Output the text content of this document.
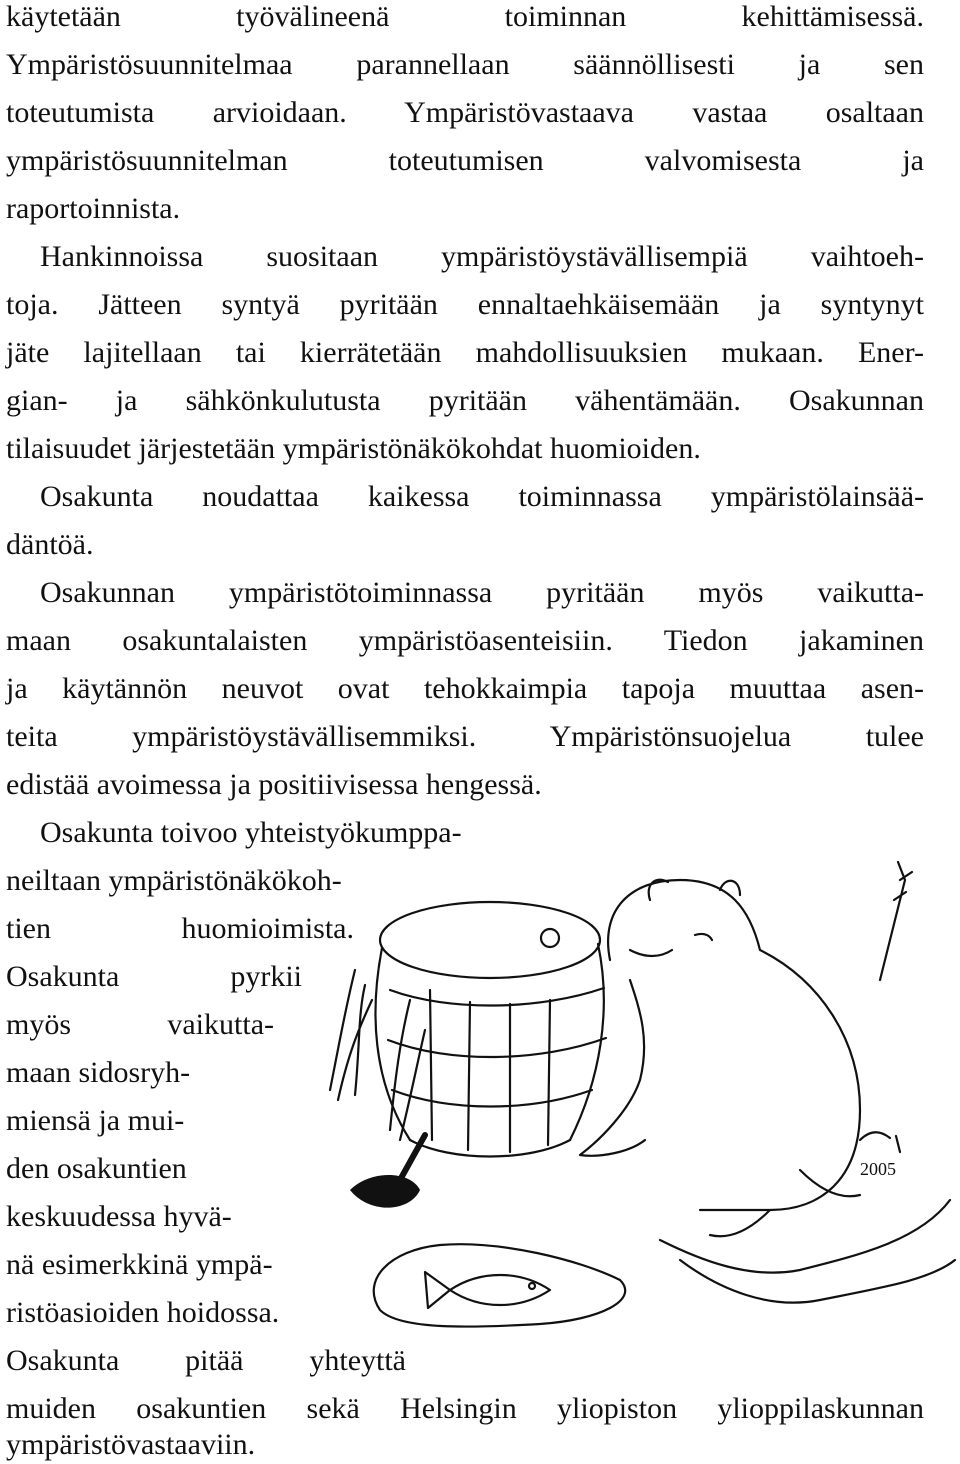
käytetään työvälineenä toiminnan kehittämisessä.
Ympäristösuunnitelmaa parannellaan säännöllisesti ja sen
toteutumista arvioidaan. Ympäristövastaava vastaa osaltaan
ympäristösuunnitelman toteutumisen valvomisesta ja
raportoinnista.
Hankinnoissa suositaan ympäristöystävällisempiä vaihtoeh-
toja. Jätteen syntyä pyritään ennaltaehkäisemään ja syntynyt
jäte lajitellaan tai kierrätetään mahdollisuuksien mukaan. Ener-
gian- ja sähkönkulutusta pyritään vähentämään. Osakunnan
tilaisuudet järjestetään ympäristönäkökohdat huomioiden.
Osakunta noudattaa kaikessa toiminnassa ympäristölainsää-
däntöä.
Osakunnan ympäristötoiminnassa pyritään myös vaikutta-
maan osakuntalaisten ympäristöasenteisiin. Tiedon jakaminen
ja käytännön neuvot ovat tehokkaimpia tapoja muuttaa asen-
teita ympäristöystävällisemmiksi. Ympäristönsuojelua tulee
edistää avoimessa ja positiivisessa hengessä.
Osakunta toivoo yhteistyökumppa-
neiltaan ympäristönäkökoh-
tien huomioimista.
Osakunta pyrkii
myös vaikutta-
maan sidosryh-
miensä ja mui-
den osakuntien
keskuudessa hyvä-
nä esimerkkinä ympä-
ristöasioiden hoidossa.
Osakunta pitää yhteyttä
muiden osakuntien sekä Helsingin yliopiston ylioppilaskunnan
ympäristövastaaviin.
2005
